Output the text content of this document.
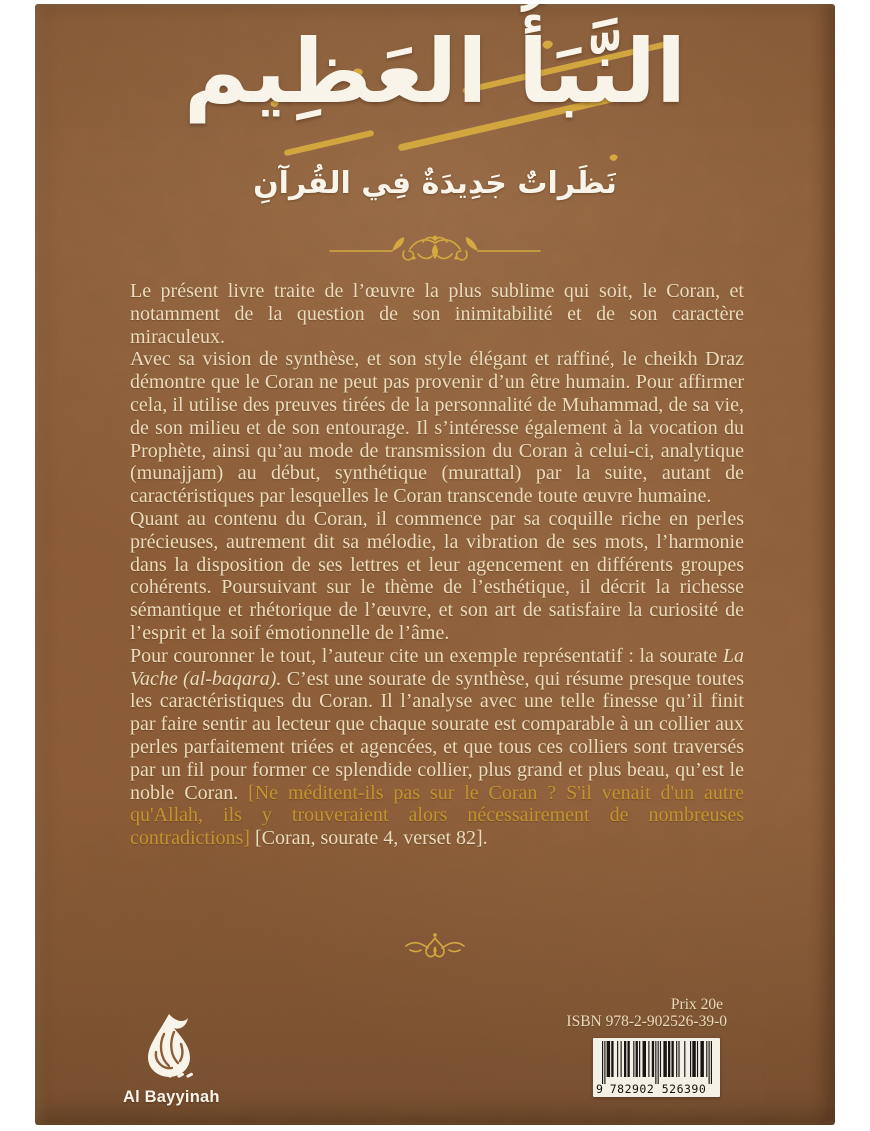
النَّبَأُ العَظِيم
نَظَراتٌ جَدِيدَةٌ فِي القُرآنِ

Le présent livre traite de l’œuvre la plus sublime qui soit, le Coran, et notamment de la question de son inimitabilité et de son caractère miraculeux.

Avec sa vision de synthèse, et son style élégant et raffiné, le cheikh Draz démontre que le Coran ne peut pas provenir d’un être humain. Pour affirmer cela, il utilise des preuves tirées de la personnalité de Muhammad, de sa vie, de son milieu et de son entourage. Il s’intéresse également à la vocation du Prophète, ainsi qu’au mode de transmission du Coran à celui-ci, analytique (munajjam) au début, synthétique (murattal) par la suite, autant de caractéristiques par lesquelles le Coran transcende toute œuvre humaine.

Quant au contenu du Coran, il commence par sa coquille riche en perles précieuses, autrement dit sa mélodie, la vibration de ses mots, l’harmonie dans la disposition de ses lettres et leur agencement en différents groupes cohérents. Poursuivant sur le thème de l’esthétique, il décrit la richesse sémantique et rhétorique de l’œuvre, et son art de satisfaire la curiosité de l’esprit et la soif émotionnelle de l’âme.

Pour couronner le tout, l’auteur cite un exemple représentatif : la sourate La Vache (al-baqara). C’est une sourate de synthèse, qui résume presque toutes les caractéristiques du Coran. Il l’analyse avec une telle finesse qu’il finit par faire sentir au lecteur que chaque sourate est comparable à un collier aux perles parfaitement triées et agencées, et que tous ces colliers sont traversés par un fil pour former ce splendide collier, plus grand et plus beau, qu’est le noble Coran. [Ne méditent-ils pas sur le Coran ? S'il venait d'un autre qu'Allah, ils y trouveraient alors nécessairement de nombreuses contradictions] [Coran, sourate 4, verset 82].

Al Bayyinah
Prix 20e
ISBN 978-2-902526-39-0
9 782902 526390
